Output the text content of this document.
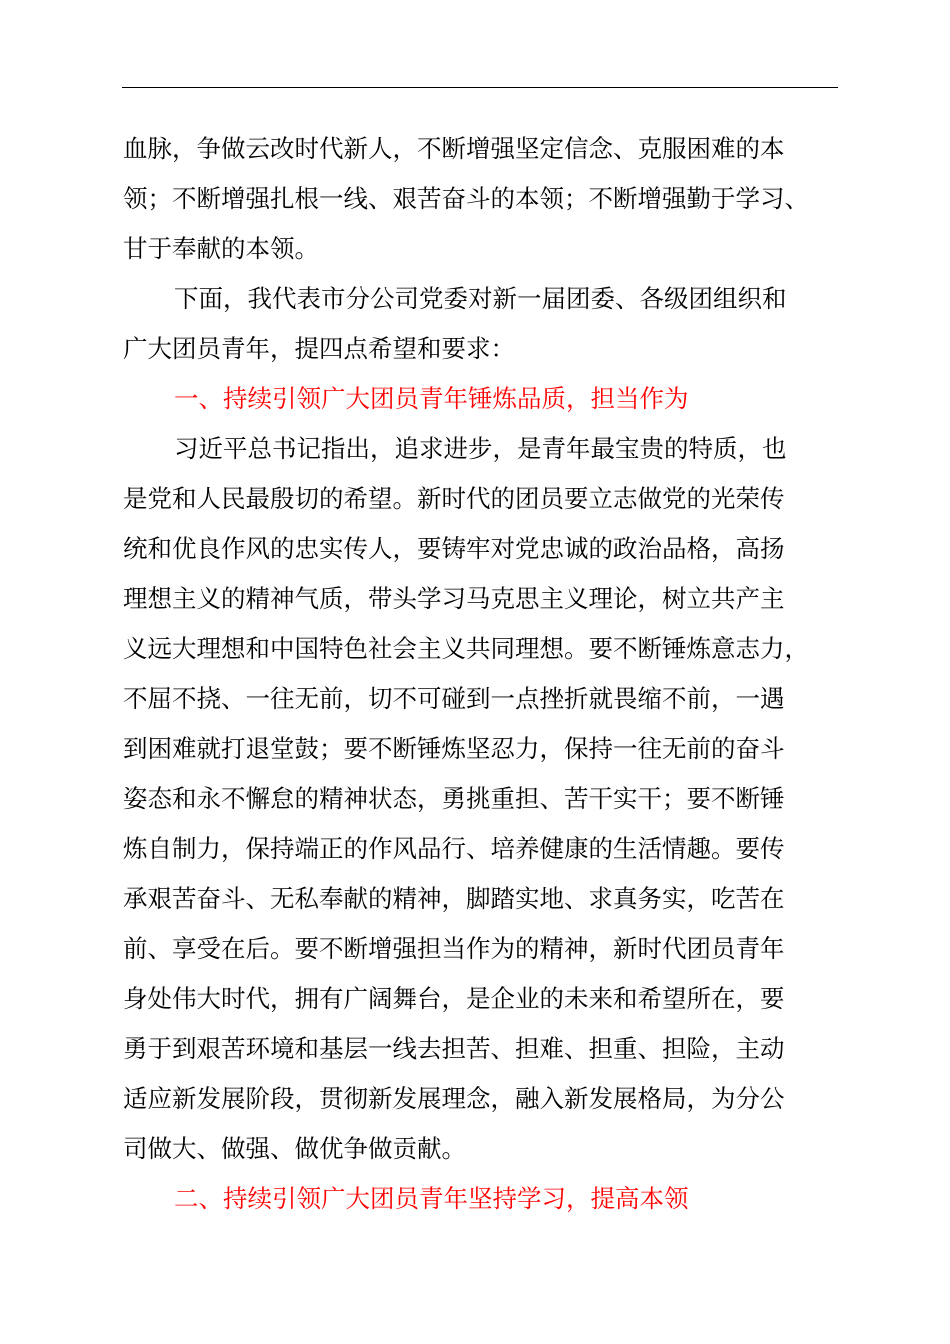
血脉，争做云改时代新人，不断增强坚定信念、克服困难的本
领；不断增强扎根一线、艰苦奋斗的本领；不断增强勤于学习、
甘于奉献的本领。
下面，我代表市分公司党委对新一届团委、各级团组织和
广大团员青年，提四点希望和要求：
一、持续引领广大团员青年锤炼品质，担当作为
习近平总书记指出，追求进步，是青年最宝贵的特质，也
是党和人民最殷切的希望。新时代的团员要立志做党的光荣传
统和优良作风的忠实传人，要铸牢对党忠诚的政治品格，高扬
理想主义的精神气质，带头学习马克思主义理论，树立共产主
义远大理想和中国特色社会主义共同理想。要不断锤炼意志力，
不屈不挠、一往无前，切不可碰到一点挫折就畏缩不前，一遇
到困难就打退堂鼓；要不断锤炼坚忍力，保持一往无前的奋斗
姿态和永不懈怠的精神状态，勇挑重担、苦干实干；要不断锤
炼自制力，保持端正的作风品行、培养健康的生活情趣。要传
承艰苦奋斗、无私奉献的精神，脚踏实地、求真务实，吃苦在
前、享受在后。要不断增强担当作为的精神，新时代团员青年
身处伟大时代，拥有广阔舞台，是企业的未来和希望所在，要
勇于到艰苦环境和基层一线去担苦、担难、担重、担险，主动
适应新发展阶段，贯彻新发展理念，融入新发展格局，为分公
司做大、做强、做优争做贡献。
二、持续引领广大团员青年坚持学习，提高本领
